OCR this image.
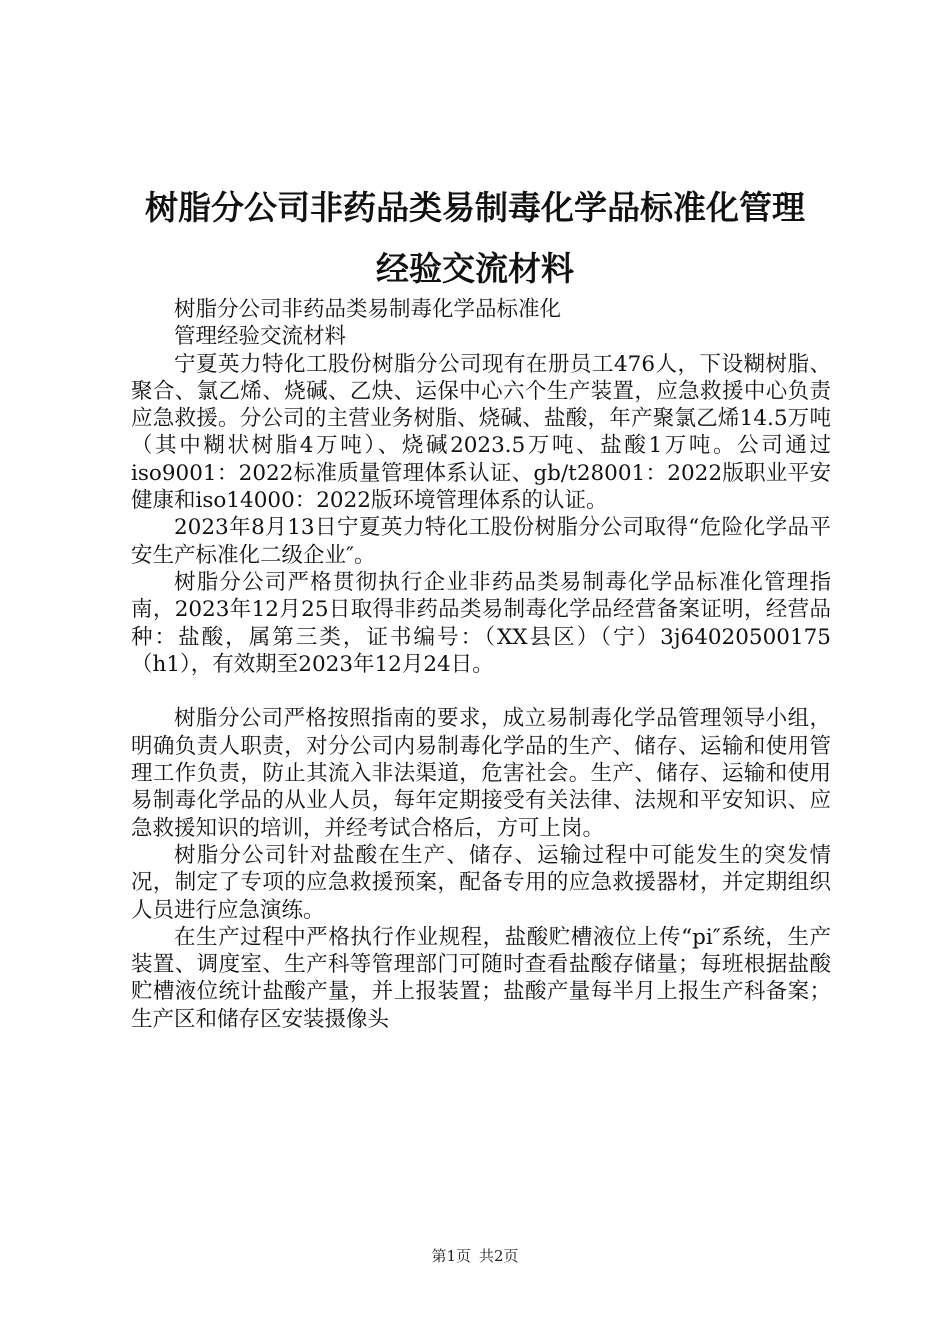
树脂分公司非药品类易制毒化学品标准化管理
经验交流材料

树脂分公司非药品类易制毒化学品标准化

管理经验交流材料

宁夏英力特化工股份树脂分公司现有在册员工476人，下设糊树脂、聚合、氯乙烯、烧碱、乙炔、运保中心六个生产装置，应急救援中心负责应急救援。分公司的主营业务树脂、烧碱、盐酸，年产聚氯乙烯14.5万吨（其中糊状树脂4万吨）、烧碱2023.5万吨、盐酸1万吨。公司通过iso9001：2022标准质量管理体系认证、gb/t28001：2022版职业平安健康和iso14000：2022版环境管理体系的认证。

2023年8月13日宁夏英力特化工股份树脂分公司取得“危险化学品平安生产标准化二级企业″。

树脂分公司严格贯彻执行企业非药品类易制毒化学品标准化管理指南，2023年12月25日取得非药品类易制毒化学品经营备案证明，经营品种：盐酸，属第三类，证书编号：（XX县区）（宁）3j64020500175（h1），有效期至2023年12月24日。

树脂分公司严格按照指南的要求，成立易制毒化学品管理领导小组，明确负责人职责，对分公司内易制毒化学品的生产、储存、运输和使用管理工作负责，防止其流入非法渠道，危害社会。生产、储存、运输和使用易制毒化学品的从业人员，每年定期接受有关法律、法规和平安知识、应急救援知识的培训，并经考试合格后，方可上岗。

树脂分公司针对盐酸在生产、储存、运输过程中可能发生的突发情况，制定了专项的应急救援预案，配备专用的应急救援器材，并定期组织人员进行应急演练。

在生产过程中严格执行作业规程，盐酸贮槽液位上传“pi″系统，生产装置、调度室、生产科等管理部门可随时查看盐酸存储量；每班根据盐酸贮槽液位统计盐酸产量，并上报装置；盐酸产量每半月上报生产科备案；生产区和储存区安装摄像头

第1页 共2页
